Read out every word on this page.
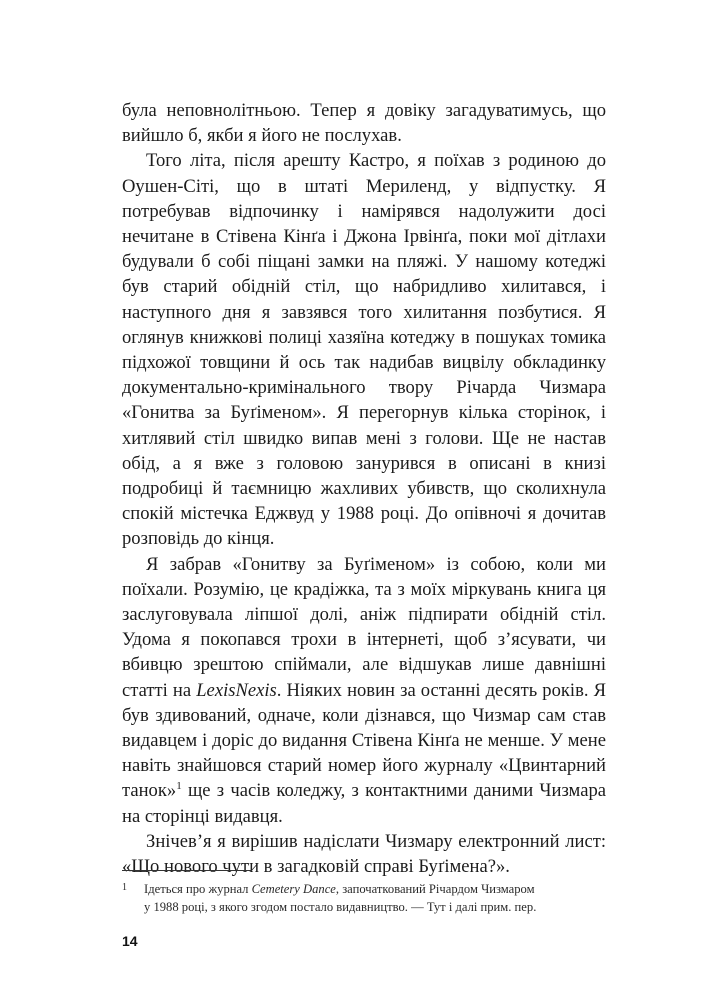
була неповнолітньою. Тепер я довіку загадуватимусь, що вийшло б, якби я його не послухав.

Того літа, після арешту Кастро, я поїхав з родиною до Оушен-Сіті, що в штаті Мериленд, у відпустку. Я потребував відпочинку і намірявся надолужити досі нечитане в Стівена Кінґа і Джона Ірвінґа, поки мої дітлахи будували б собі піщані замки на пляжі. У нашому котеджі був старий обідній стіл, що набридливо хилитався, і наступного дня я завзявся того хилитання позбутися. Я оглянув книжкові полиці хазяїна котеджу в пошуках томика підхожої товщини й ось так надибав вицвілу обкладинку документально-кримінального твору Річарда Чизмара «Гонитва за Буґіменом». Я перегорнув кілька сторінок, і хитлявий стіл швидко випав мені з голови. Ще не настав обід, а я вже з головою занурився в описані в книзі подробиці й таємницю жахливих убивств, що сколихнула спокій містечка Еджвуд у 1988 році. До опівночі я дочитав розповідь до кінця.

Я забрав «Гонитву за Буґіменом» із собою, коли ми поїхали. Розумію, це крадіжка, та з моїх міркувань книга ця заслуговувала ліпшої долі, аніж підпирати обідній стіл. Удома я покопався трохи в інтернеті, щоб з’ясувати, чи вбивцю зрештою спіймали, але відшукав лише давнішні статті на LexisNexis. Ніяких новин за останні десять років. Я був здивований, одначе, коли дізнався, що Чизмар сам став видавцем і доріс до видання Стівена Кінґа не менше. У мене навіть знайшовся старий номер його журналу «Цвинтарний танок»$^1$ ще з часів коледжу, з контактними даними Чизмара на сторінці видавця.

Знічев’я я вирішив надіслати Чизмару електронний лист: «Що нового чути в загадковій справі Буґімена?».

1 Ідеться про журнал Cemetery Dance, започаткований Річардом Чизмаром
у 1988 році, з якого згодом постало видавництво. — Тут і далі прим. пер.
14
